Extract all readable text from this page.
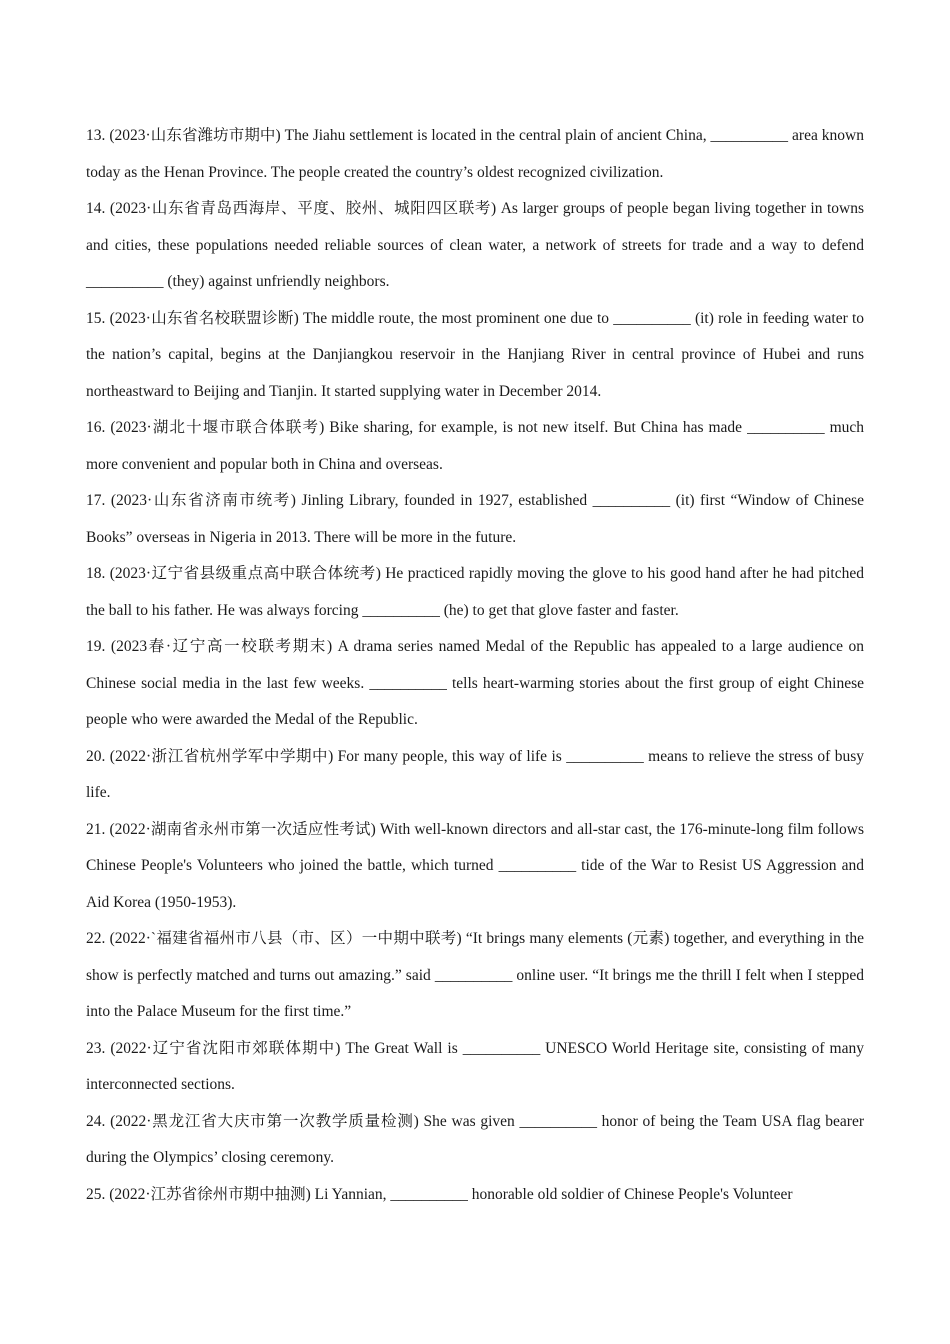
13. (2023·山东省潍坊市期中) The Jiahu settlement is located in the central plain of ancient China, __________ area known today as the Henan Province. The people created the country’s oldest recognized civilization.

14. (2023·山东省青岛西海岸、平度、胶州、城阳四区联考) As larger groups of people began living together in towns and cities, these populations needed reliable sources of clean water, a network of streets for trade and a way to defend __________ (they) against unfriendly neighbors.

15. (2023·山东省名校联盟诊断) The middle route, the most prominent one due to __________ (it) role in feeding water to the nation’s capital, begins at the Danjiangkou reservoir in the Hanjiang River in central province of Hubei and runs northeastward to Beijing and Tianjin. It started supplying water in December 2014.

16. (2023·湖北十堰市联合体联考) Bike sharing, for example, is not new itself. But China has made __________ much more convenient and popular both in China and overseas.

17. (2023·山东省济南市统考) Jinling Library, founded in 1927, established __________ (it) first “Window of Chinese Books” overseas in Nigeria in 2013. There will be more in the future.

18. (2023·辽宁省县级重点高中联合体统考) He practiced rapidly moving the glove to his good hand after he had pitched the ball to his father. He was always forcing __________ (he) to get that glove faster and faster.

19. (2023春·辽宁高一校联考期末) A drama series named Medal of the Republic has appealed to a large audience on Chinese social media in the last few weeks. __________ tells heart-warming stories about the first group of eight Chinese people who were awarded the Medal of the Republic.

20. (2022·浙江省杭州学军中学期中) For many people, this way of life is __________ means to relieve the stress of busy life.

21. (2022·湖南省永州市第一次适应性考试) With well-known directors and all-star cast, the 176-minute-long film follows Chinese People's Volunteers who joined the battle, which turned __________ tide of the War to Resist US Aggression and Aid Korea (1950-1953).

22. (2022·`福建省福州市八县（市、区）一中期中联考) “It brings many elements (元素) together, and everything in the show is perfectly matched and turns out amazing.” said __________ online user. “It brings me the thrill I felt when I stepped into the Palace Museum for the first time.”

23. (2022·辽宁省沈阳市郊联体期中) The Great Wall is __________ UNESCO World Heritage site, consisting of many interconnected sections.

24. (2022·黑龙江省大庆市第一次教学质量检测) She was given __________ honor of being the Team USA flag bearer during the Olympics’ closing ceremony.

25. (2022·江苏省徐州市期中抽测) Li Yannian, __________ honorable old soldier of Chinese People's Volunteer
